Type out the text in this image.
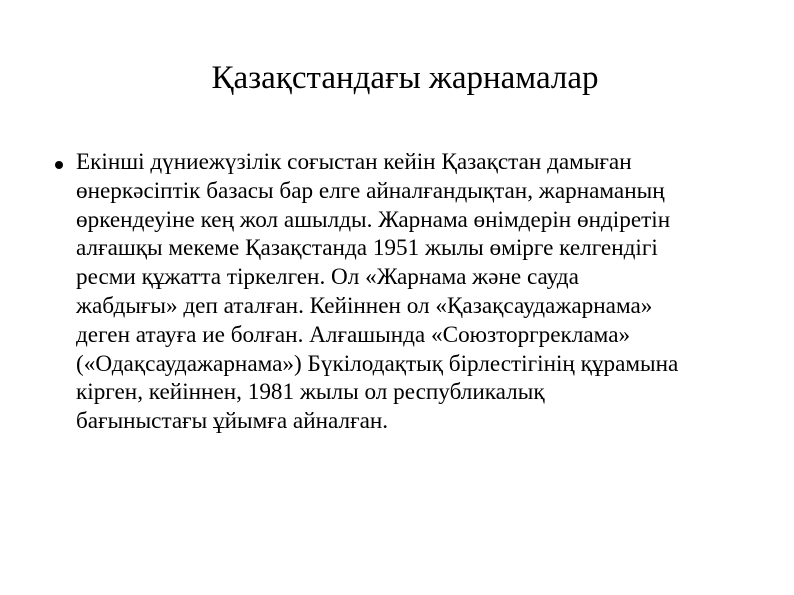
Қазақстандағы жарнамалар

Екінші дүниежүзілік соғыстан кейін Қазақстан дамыған
өнеркәсіптік базасы бар елге айналғандықтан, жарнаманың
өркендеуіне кең жол ашылды. Жарнама өнімдерін өндіретін
алғашқы мекеме Қазақстанда 1951 жылы өмірге келгендігі
ресми құжатта тіркелген. Ол «Жарнама және сауда
жабдығы» деп аталған. Кейіннен ол «Қазақсаудажарнама»
деген атауға ие болған. Алғашында «Союзторгреклама»
(«Одақсаудажарнама») Бүкілодақтық бірлестігінің құрамына
кірген, кейіннен, 1981 жылы ол республикалық
бағыныстағы ұйымға айналған.
